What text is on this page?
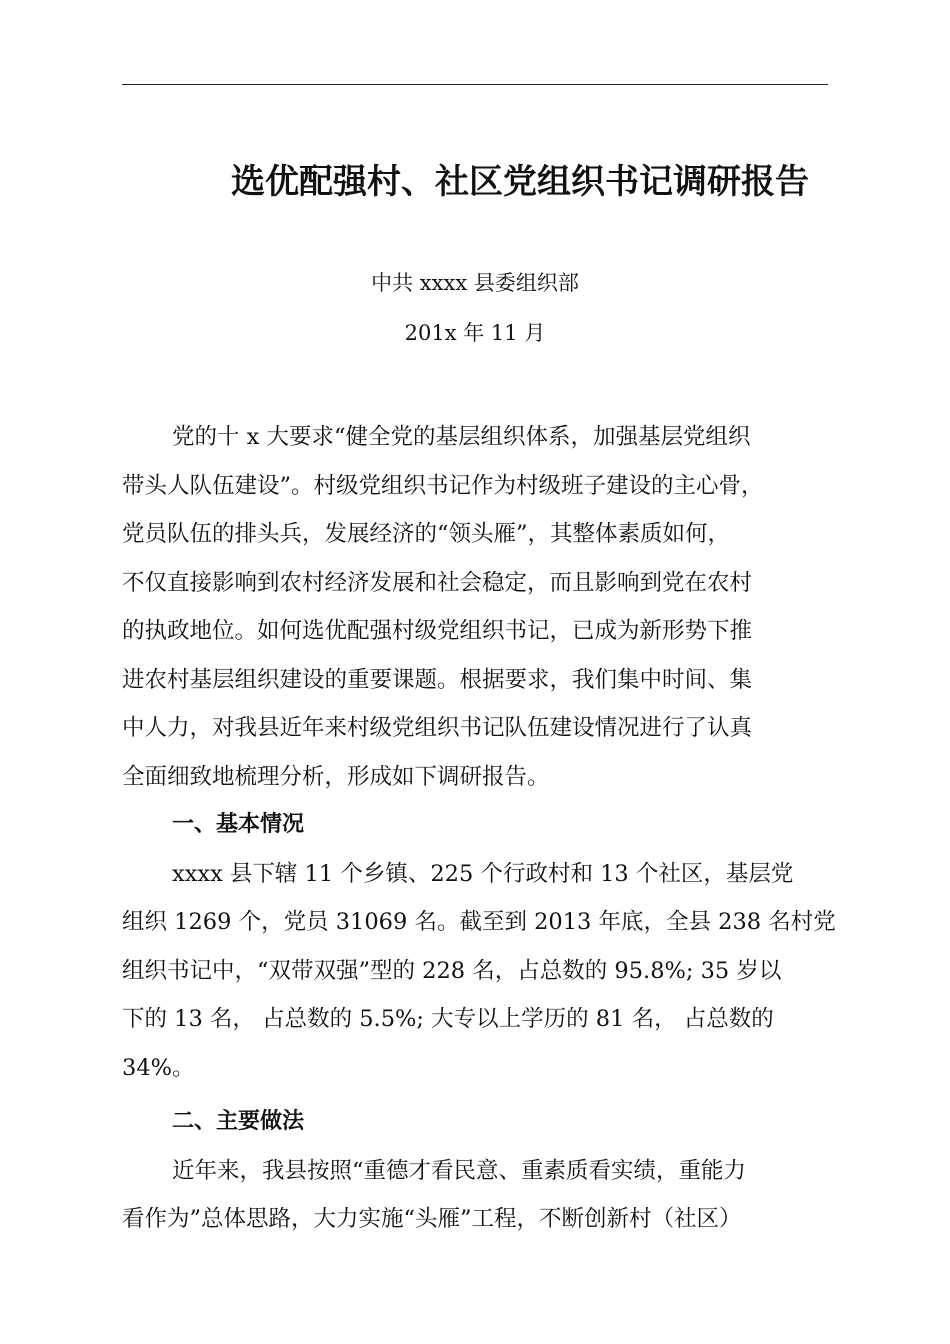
选优配强村、社区党组织书记调研报告
中共 xxxx 县委组织部
201x 年 11 月
党的十 x 大要求“健全党的基层组织体系，加强基层党组织
带头人队伍建设”。村级党组织书记作为村级班子建设的主心骨，
党员队伍的排头兵，发展经济的“领头雁”，其整体素质如何，
不仅直接影响到农村经济发展和社会稳定，而且影响到党在农村
的执政地位。如何选优配强村级党组织书记，已成为新形势下推
进农村基层组织建设的重要课题。根据要求，我们集中时间、集
中人力，对我县近年来村级党组织书记队伍建设情况进行了认真
全面细致地梳理分析，形成如下调研报告。
一、基本情况
xxxx 县下辖 11 个乡镇、225 个行政村和 13 个社区，基层党
组织 1269 个，党员 31069 名。截至到 2013 年底，全县 238 名村党
组织书记中，“双带双强”型的 228 名，占总数的 95.8%; 35 岁以
下的 13 名， 占总数的 5.5%; 大专以上学历的 81 名， 占总数的
34%。
二、主要做法
近年来，我县按照“重德才看民意、重素质看实绩，重能力
看作为”总体思路，大力实施“头雁”工程，不断创新村（社区）
